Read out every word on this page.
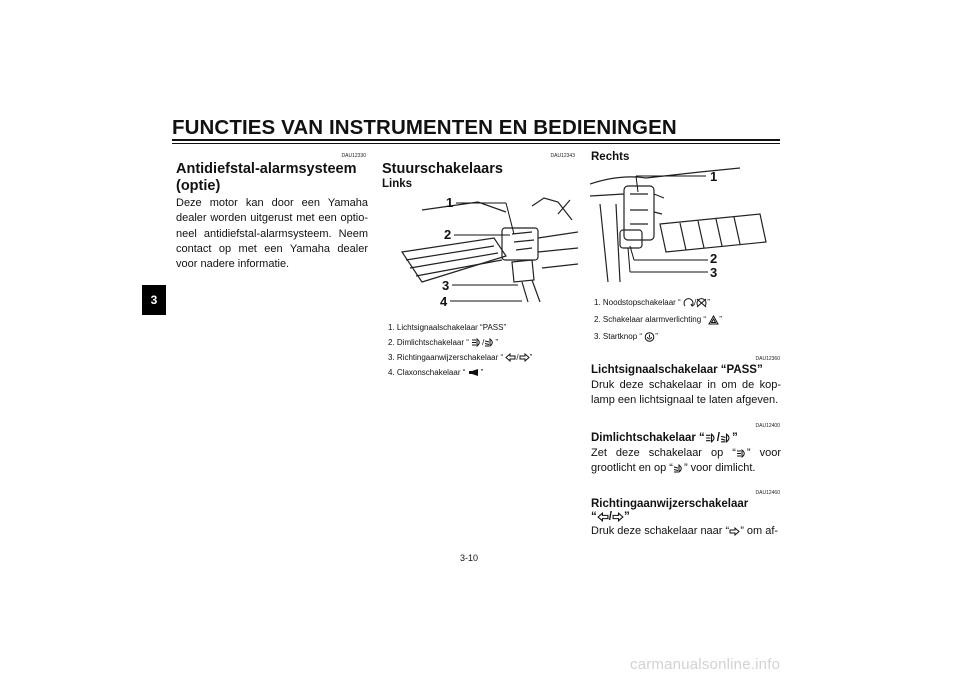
FUNCTIES VAN INSTRUMENTEN EN BEDIENINGEN
3
DAU12330
Antidiefstal-alarmsysteem (optie)
Deze motor kan door een Yamaha dealer worden uitgerust met een optio-neel antidiefstal-alarmsysteem. Neem contact op met een Yamaha dealer voor nadere informatie.
DAU12343
Stuurschakelaars
Links
1
2
3
4
1. Lichtsignaalschakelaar “PASS”
2. Dimlichtschakelaar “ / ”
3. Richtingaanwijzerschakelaar “ / ”
4. Claxonschakelaar “ ”
Rechts
1
2
3
1. Noodstopschakelaar “ / ”
2. Schakelaar alarmverlichting “ ”
3. Startknop “ ”
DAU12360
Lichtsignaalschakelaar “PASS”
Druk deze schakelaar in om de kop-lamp een lichtsignaal te laten afgeven.
DAU12400
Dimlichtschakelaar “ / ”
Zet deze schakelaar op “ ” voor grootlicht en op “ ” voor dimlicht.
DAU12460
Richtingaanwijzerschakelaar
“ / ”
Druk deze schakelaar naar “ ” om af-
3-10
carmanualsonline.info
